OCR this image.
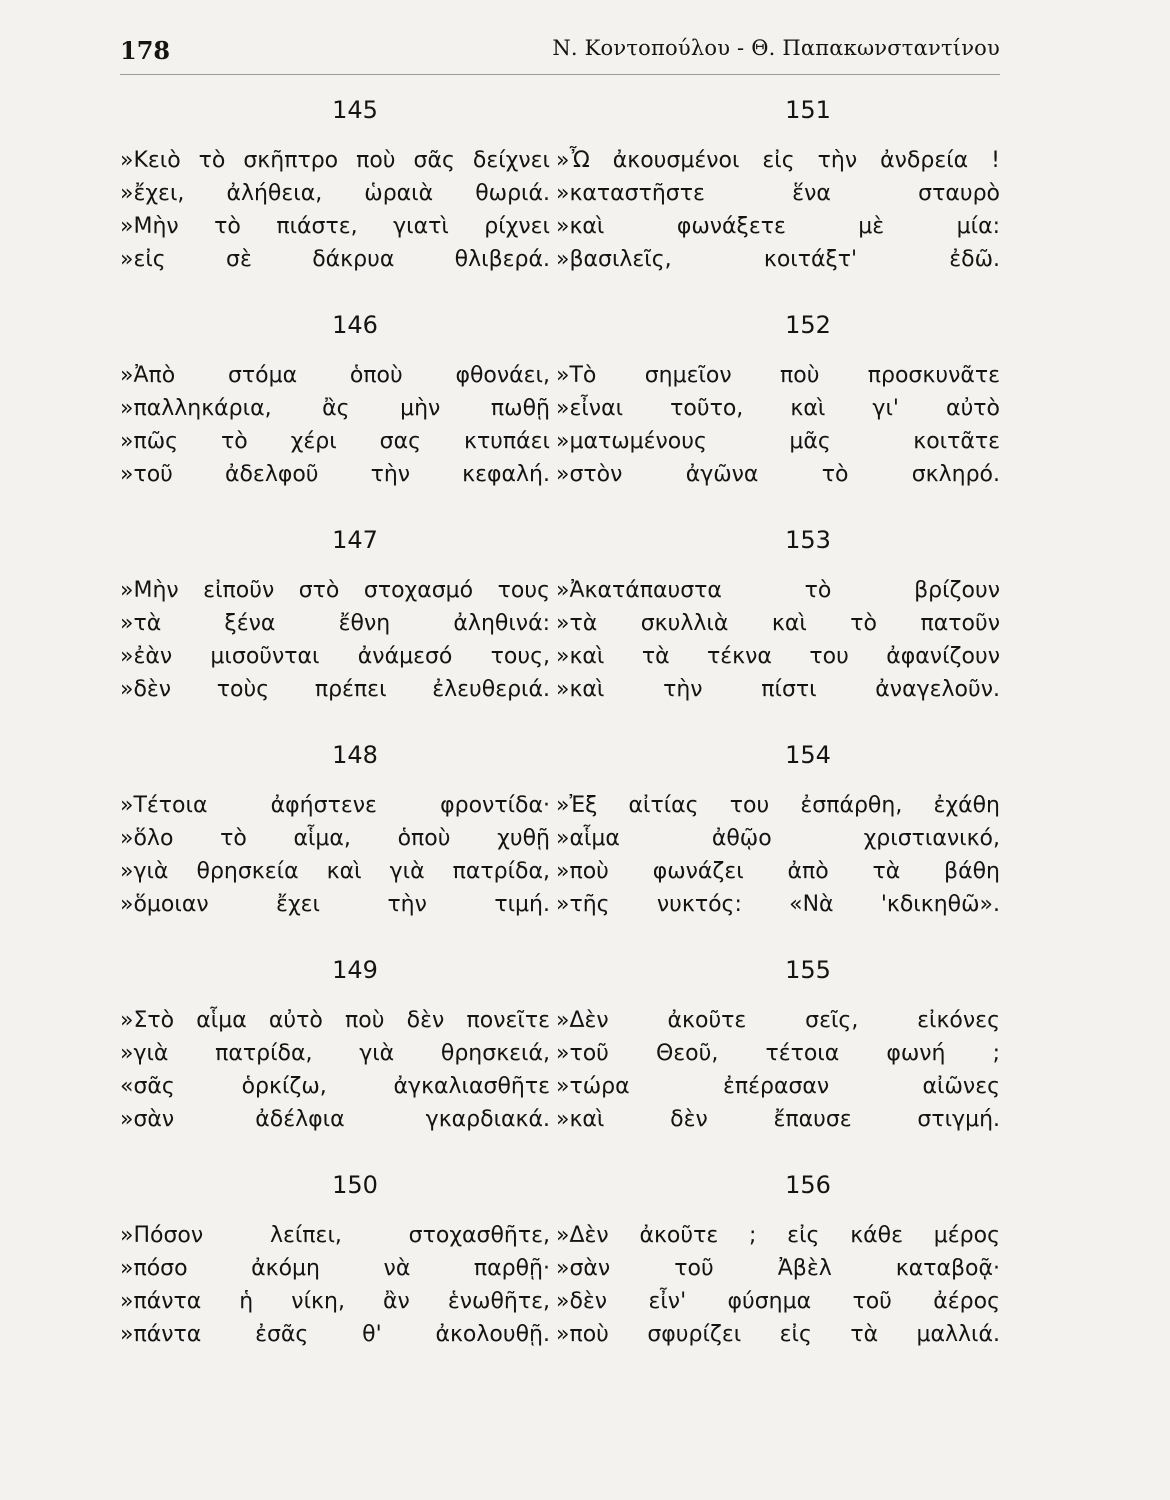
178	Ν. Κοντοπούλου - Θ. Παπακωνσταντίνου
145
»Κειὸ τὸ σκῆπτρο ποὺ σᾶς δείχνει
»ἔχει, ἀλήθεια, ὡραιὰ θωριά.
»Μὴν τὸ πιάστε, γιατὶ ρίχνει
»εἰς σὲ δάκρυα θλιβερά.
146
»Ἀπὸ στόμα ὁποὺ φθονάει,
»παλληκάρια, ἂς μὴν πωθῇ
»πῶς τὸ χέρι σας κτυπάει
»τοῦ ἀδελφοῦ τὴν κεφαλή.
147
»Μὴν εἰποῦν στὸ στοχασμό τους
»τὰ ξένα ἔθνη ἀληθινά:
»ἐὰν μισοῦνται ἀνάμεσό τους,
»δὲν τοὺς πρέπει ἐλευθεριά.
148
»Τέτοια ἀφήστενε φροντίδα·
»ὅλο τὸ αἷμα, ὁποὺ χυθῇ
»γιὰ θρησκεία καὶ γιὰ πατρίδα,
»ὅμοιαν ἔχει τὴν τιμή.
149
»Στὸ αἷμα αὐτὸ ποὺ δὲν πονεῖτε
»γιὰ πατρίδα, γιὰ θρησκειά,
«σᾶς ὁρκίζω, ἀγκαλιασθῆτε
»σὰν ἀδέλφια γκαρδιακά.
150
»Πόσον λείπει, στοχασθῆτε,
»πόσο ἀκόμη νὰ παρθῇ·
»πάντα ἡ νίκη, ἂν ἑνωθῆτε,
»πάντα ἐσᾶς θ' ἀκολουθῇ.
151
»Ὦ ἀκουσμένοι εἰς τὴν ἀνδρεία !
»καταστῆστε ἕνα σταυρὸ
»καὶ φωνάξετε μὲ μία:
»βασιλεῖς, κοιτάξτ' ἐδῶ.
152
»Τὸ σημεῖον ποὺ προσκυνᾶτε
»εἶναι τοῦτο, καὶ γι' αὐτὸ
»ματωμένους μᾶς κοιτᾶτε
»στὸν ἀγῶνα τὸ σκληρό.
153
»Ἀκατάπαυστα τὸ βρίζουν
»τὰ σκυλλιὰ καὶ τὸ πατοῦν
»καὶ τὰ τέκνα του ἀφανίζουν
»καὶ τὴν πίστι ἀναγελοῦν.
154
»Ἐξ αἰτίας του ἐσπάρθη, ἐχάθη
»αἷμα ἀθῷο χριστιανικό,
»ποὺ φωνάζει ἀπὸ τὰ βάθη
»τῆς νυκτός: «Νὰ 'κδικηθῶ».
155
»Δὲν ἀκοῦτε σεῖς, εἰκόνες
»τοῦ Θεοῦ, τέτοια φωνή ;
»τώρα ἐπέρασαν αἰῶνες
»καὶ δὲν ἔπαυσε στιγμή.
156
»Δὲν ἀκοῦτε ; εἰς κάθε μέρος
»σὰν τοῦ Ἀβὲλ καταβοᾷ·
»δὲν εἶν' φύσημα τοῦ ἀέρος
»ποὺ σφυρίζει εἰς τὰ μαλλιά.
